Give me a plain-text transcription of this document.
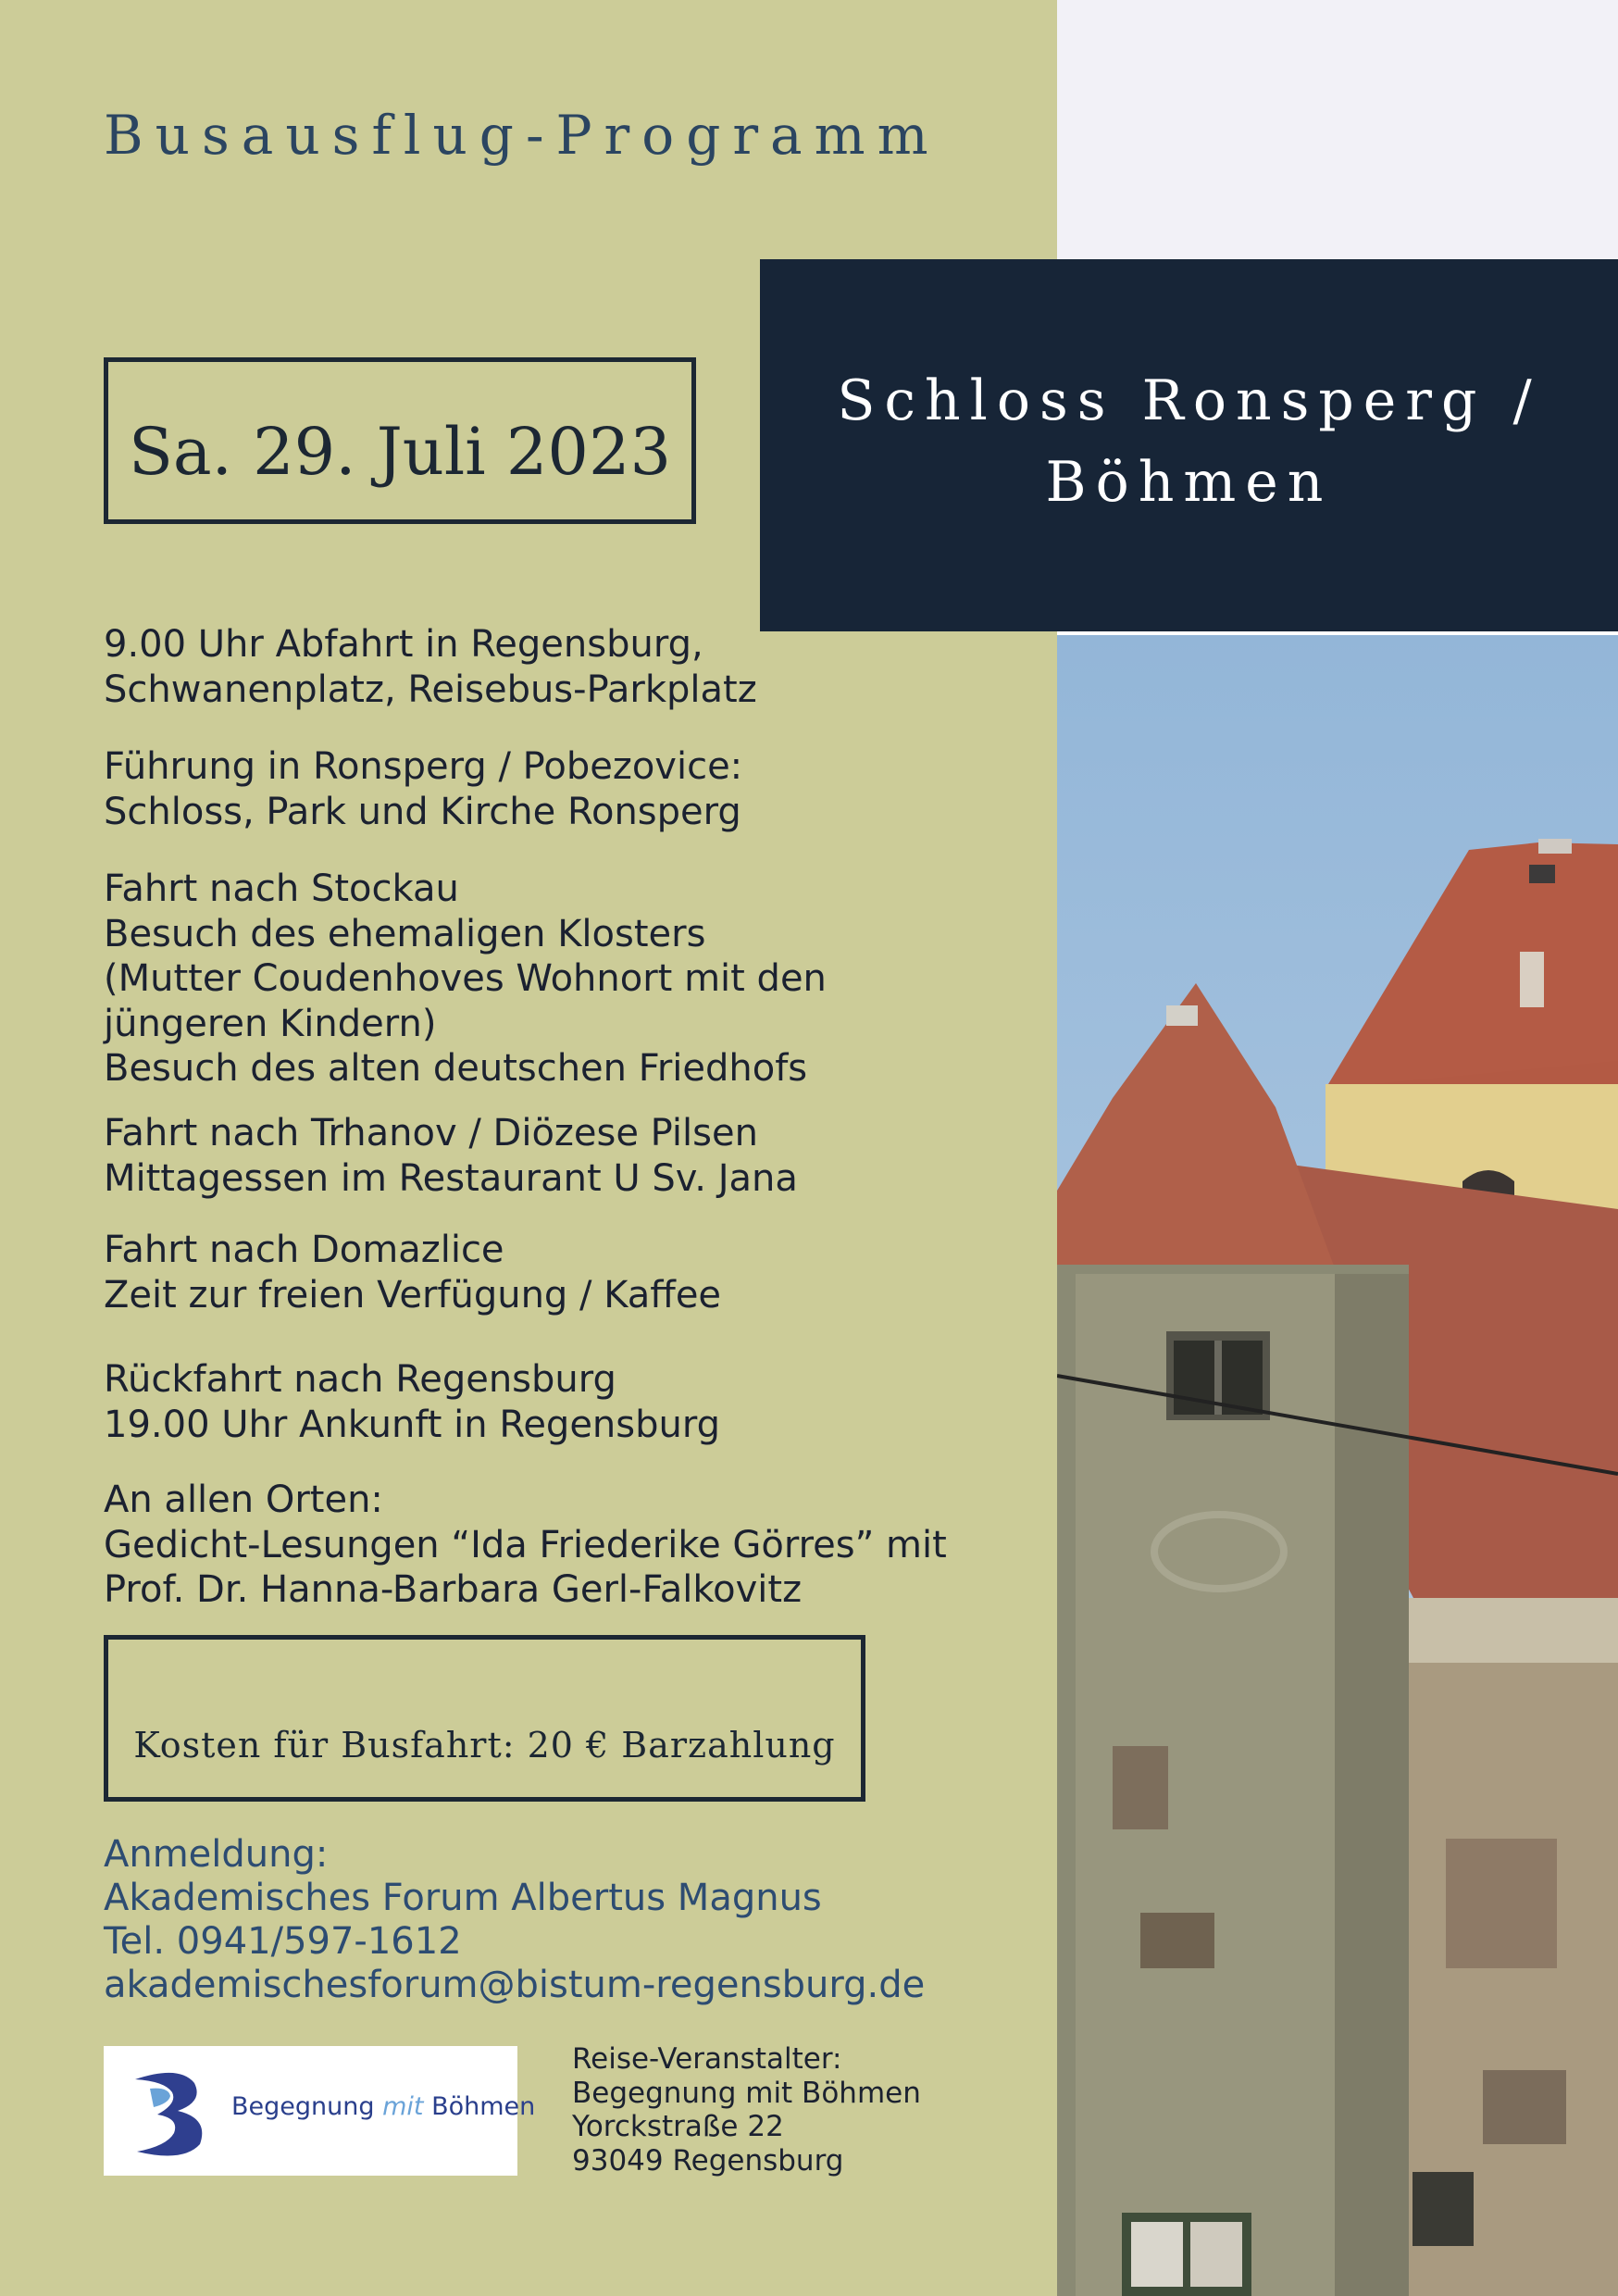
Schloss Ronsperg /
Böhmen
Busausflug-Programm
Sa. 29. Juli 2023
9.00 Uhr Abfahrt in Regensburg,
Schwanenplatz, Reisebus-Parkplatz
Führung in Ronsperg / Pobezovice:
Schloss, Park und Kirche Ronsperg
Fahrt nach Stockau
Besuch des ehemaligen Klosters
(Mutter Coudenhoves Wohnort mit den
jüngeren Kindern)
Besuch des alten deutschen Friedhofs
Fahrt nach Trhanov / Diözese Pilsen
Mittagessen im Restaurant U Sv. Jana
Fahrt nach Domazlice
Zeit zur freien Verfügung / Kaffee
Rückfahrt nach Regensburg
19.00 Uhr Ankunft in Regensburg
An allen Orten:
Gedicht-Lesungen “Ida Friederike Görres” mit
Prof. Dr. Hanna-Barbara Gerl-Falkovitz
Kosten für Busfahrt: 20 € Barzahlung
Anmeldung:
Akademisches Forum Albertus Magnus
Tel. 0941/597-1612
akademischesforum@bistum-regensburg.de
Begegnung mit Böhmen
Reise-Veranstalter:
Begegnung mit Böhmen
Yorckstraße 22
93049 Regensburg
